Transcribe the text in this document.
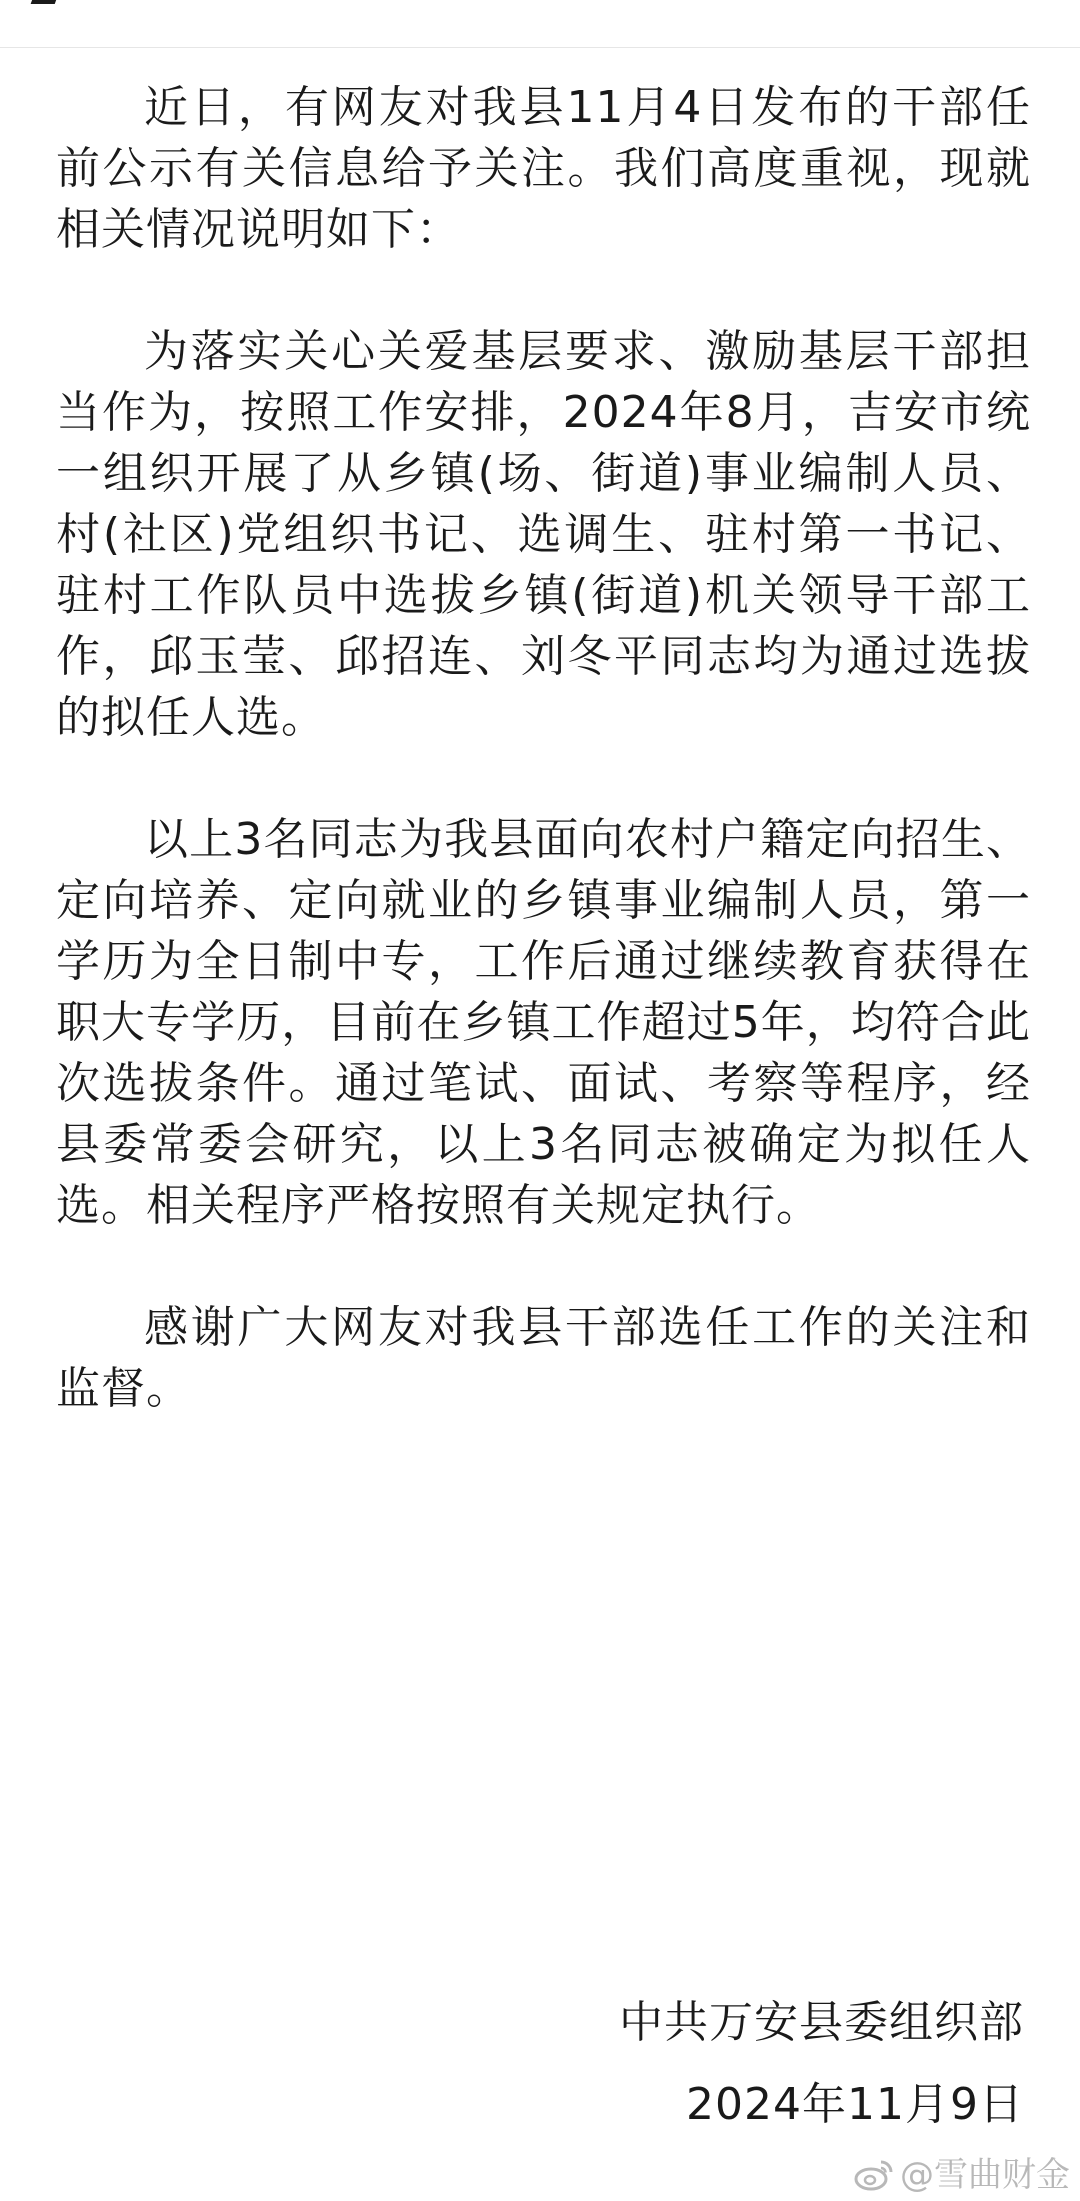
近日，有网友对我县11月4日发布的干部任前公示有关信息给予关注。我们高度重视，现就相关情况说明如下：

为落实关心关爱基层要求、激励基层干部担当作为，按照工作安排，2024年8月，吉安市统一组织开展了从乡镇(场、街道)事业编制人员、村(社区)党组织书记、选调生、驻村第一书记、驻村工作队员中选拔乡镇(街道)机关领导干部工作，邱玉莹、邱招连、刘冬平同志均为通过选拔的拟任人选。

以上3名同志为我县面向农村户籍定向招生、定向培养、定向就业的乡镇事业编制人员，第一学历为全日制中专，工作后通过继续教育获得在职大专学历，目前在乡镇工作超过5年，均符合此次选拔条件。通过笔试、面试、考察等程序，经县委常委会研究，以上3名同志被确定为拟任人选。相关程序严格按照有关规定执行。

感谢广大网友对我县干部选任工作的关注和监督。

中共万安县委组织部
2024年11月9日
@雪曲财金
